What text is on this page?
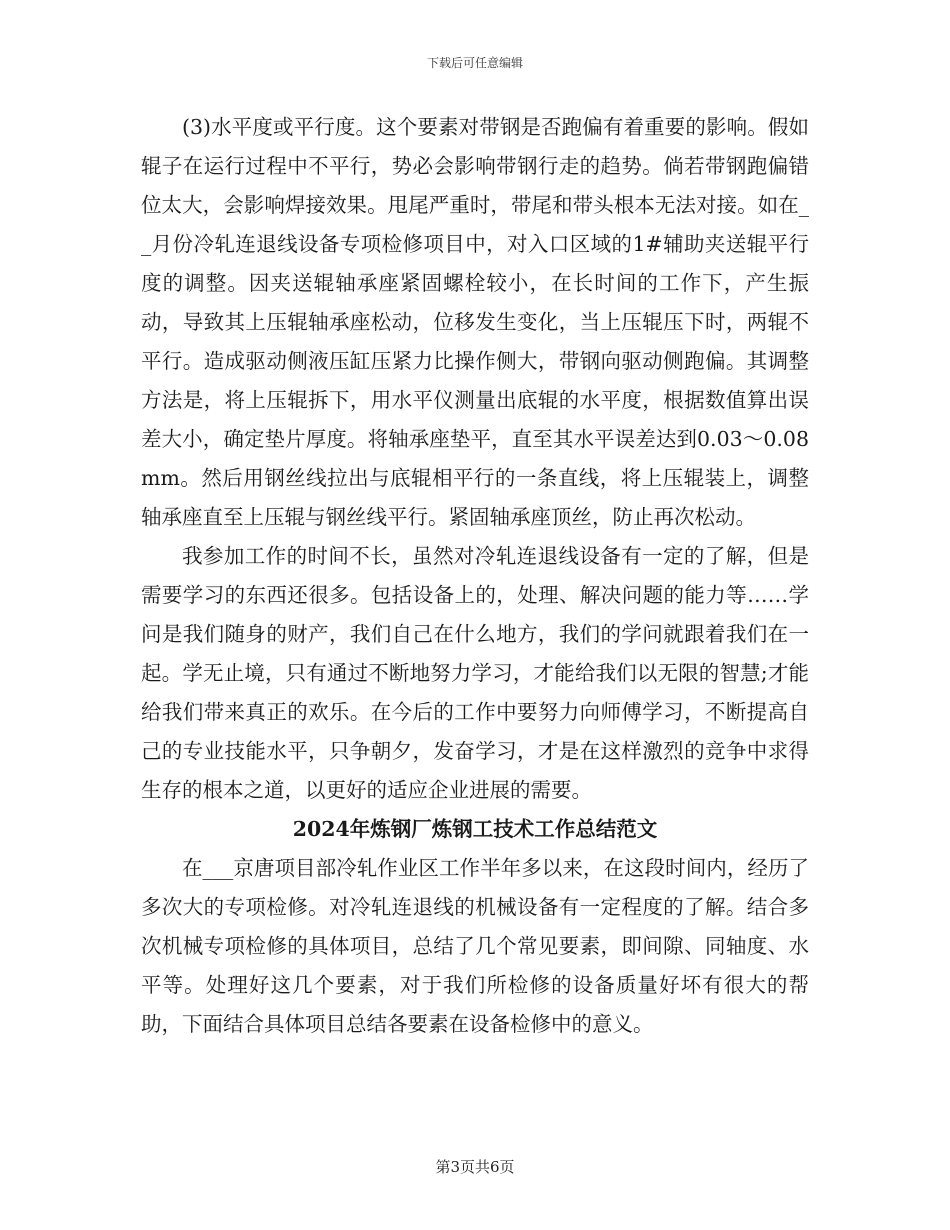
下载后可任意编辑

(3)水平度或平行度。这个要素对带钢是否跑偏有着重要的影响。假如辊子在运行过程中不平行，势必会影响带钢行走的趋势。倘若带钢跑偏错位太大，会影响焊接效果。甩尾严重时，带尾和带头根本无法对接。如在__月份冷轧连退线设备专项检修项目中，对入口区域的1#辅助夹送辊平行度的调整。因夹送辊轴承座紧固螺栓较小，在长时间的工作下，产生振动，导致其上压辊轴承座松动，位移发生变化，当上压辊压下时，两辊不平行。造成驱动侧液压缸压紧力比操作侧大，带钢向驱动侧跑偏。其调整方法是，将上压辊拆下，用水平仪测量出底辊的水平度，根据数值算出误差大小，确定垫片厚度。将轴承座垫平，直至其水平误差达到0.03～0.08mm。然后用钢丝线拉出与底辊相平行的一条直线，将上压辊装上，调整轴承座直至上压辊与钢丝线平行。紧固轴承座顶丝，防止再次松动。

我参加工作的时间不长，虽然对冷轧连退线设备有一定的了解，但是需要学习的东西还很多。包括设备上的，处理、解决问题的能力等……学问是我们随身的财产，我们自己在什么地方，我们的学问就跟着我们在一起。学无止境，只有通过不断地努力学习，才能给我们以无限的智慧;才能给我们带来真正的欢乐。在今后的工作中要努力向师傅学习，不断提高自己的专业技能水平，只争朝夕，发奋学习，才是在这样激烈的竞争中求得生存的根本之道，以更好的适应企业进展的需要。

2024年炼钢厂炼钢工技术工作总结范文

在___京唐项目部冷轧作业区工作半年多以来，在这段时间内，经历了多次大的专项检修。对冷轧连退线的机械设备有一定程度的了解。结合多次机械专项检修的具体项目，总结了几个常见要素，即间隙、同轴度、水平等。处理好这几个要素，对于我们所检修的设备质量好坏有很大的帮助，下面结合具体项目总结各要素在设备检修中的意义。

第3页共6页
